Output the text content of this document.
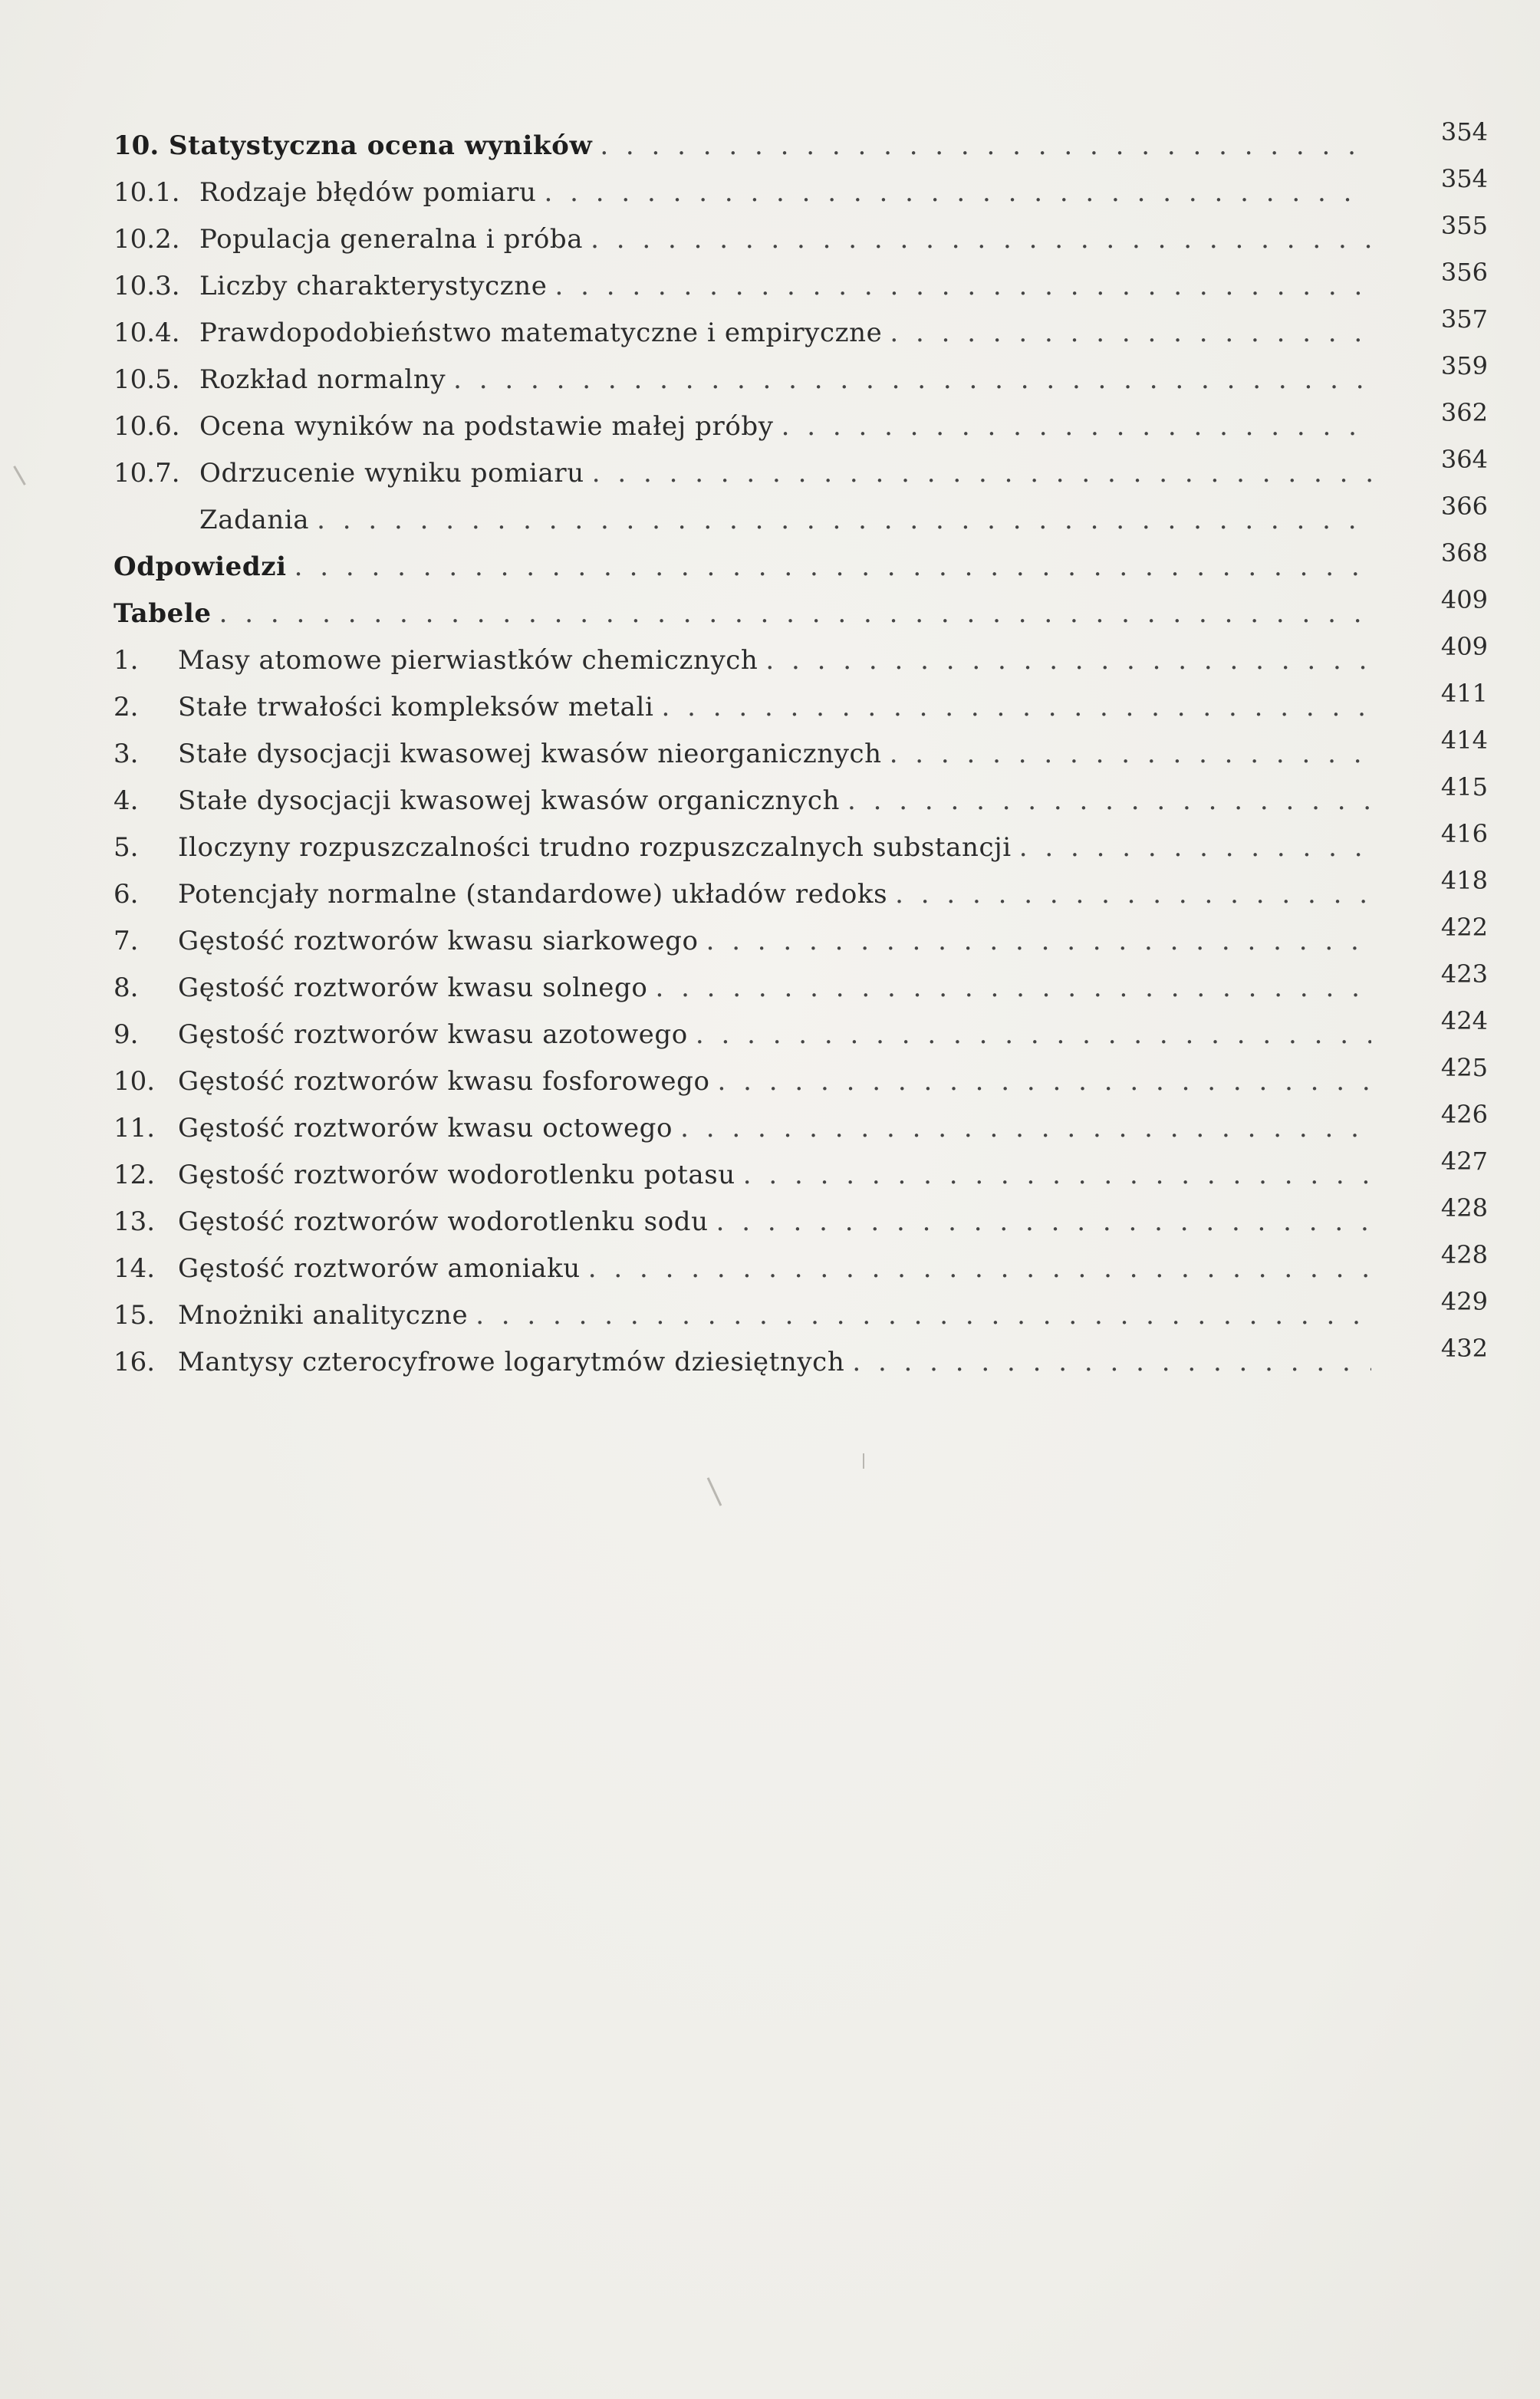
10. Statystyczna ocena wyników . . .	354
10.1. Rodzaje błędów pomiaru . . .	354
10.2. Populacja generalna i próba . . .	355
10.3. Liczby charakterystyczne . . .	356
10.4. Prawdopodobieństwo matematyczne i empiryczne . . .	357
10.5. Rozkład normalny . . .	359
10.6. Ocena wyników na podstawie małej próby . . .	362
10.7. Odrzucenie wyniku pomiaru . . .	364
Zadania . . .	366
Odpowiedzi . . .	368
Tabele . . .	409
1.	Masy atomowe pierwiastków chemicznych . . .	409
2.	Stałe trwałości kompleksów metali . . .	411
3.	Stałe dysocjacji kwasowej kwasów nieorganicznych . . .	414
4.	Stałe dysocjacji kwasowej kwasów organicznych . . .	415
5.	Iloczyny rozpuszczalności trudno rozpuszczalnych substancji . . .	416
6.	Potencjały normalne (standardowe) układów redoks . . .	418
7.	Gęstość roztworów kwasu siarkowego . . .	422
8.	Gęstość roztworów kwasu solnego . . .	423
9.	Gęstość roztworów kwasu azotowego . . .	424
10. Gęstość roztworów kwasu fosforowego . . .	425
11. Gęstość roztworów kwasu octowego . . .	426
12. Gęstość roztworów wodorotlenku potasu . . .	427
13. Gęstość roztworów wodorotlenku sodu . . .	428
14. Gęstość roztworów amoniaku . . .	428
15. Mnożniki analityczne . . .	429
16. Mantysy czterocyfrowe logarytmów dziesiętnych . . .	432
